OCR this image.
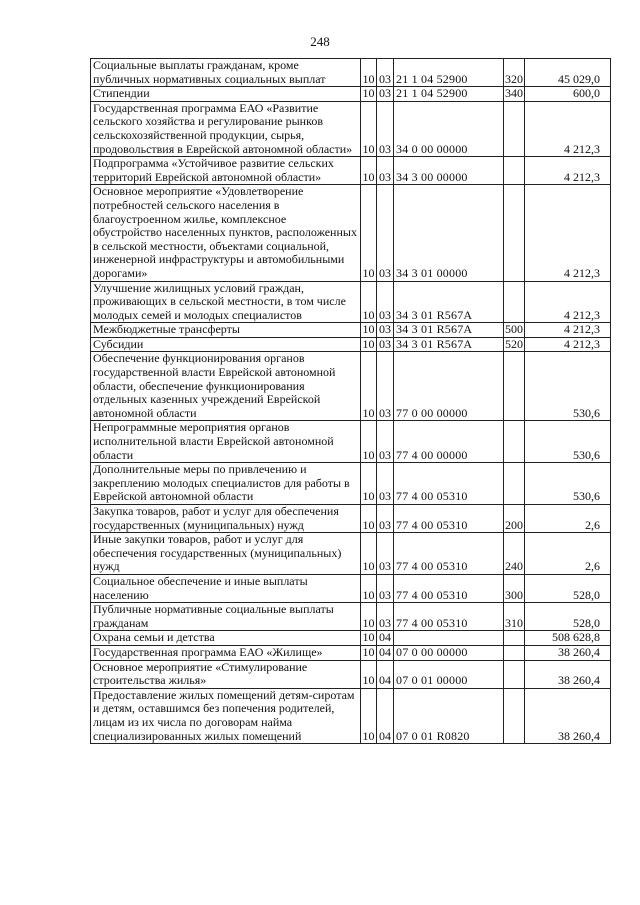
248
Социальные выплаты гражданам, кроме публичных нормативных социальных выплат	10	03	21 1 04 52900	320	45 029,0
Стипендии	10	03	21 1 04 52900	340	600,0
Государственная программа ЕАО «Развитие сельского хозяйства и регулирование рынков сельскохозяйственной продукции, сырья, продовольствия в Еврейской автономной области»	10	03	34 0 00 00000		4 212,3
Подпрограмма «Устойчивое развитие сельских территорий Еврейской автономной области»	10	03	34 3 00 00000		4 212,3
Основное мероприятие «Удовлетворение потребностей сельского населения в благоустроенном жилье, комплексное обустройство населенных пунктов, расположенных в сельской местности, объектами социальной, инженерной инфраструктуры и автомобильными дорогами»	10	03	34 3 01 00000		4 212,3
Улучшение жилищных условий граждан, проживающих в сельской местности, в том числе молодых семей и молодых специалистов	10	03	34 3 01 R567A		4 212,3
Межбюджетные трансферты	10	03	34 3 01 R567A	500	4 212,3
Субсидии	10	03	34 3 01 R567A	520	4 212,3
Обеспечение функционирования органов государственной власти Еврейской автономной области, обеспечение функционирования отдельных казенных учреждений Еврейской автономной области	10	03	77 0 00 00000		530,6
Непрограммные мероприятия органов исполнительной власти Еврейской автономной области	10	03	77 4 00 00000		530,6
Дополнительные меры по привлечению и закреплению молодых специалистов для работы в Еврейской автономной области	10	03	77 4 00 05310		530,6
Закупка товаров, работ и услуг для обеспечения государственных (муниципальных) нужд	10	03	77 4 00 05310	200	2,6
Иные закупки товаров, работ и услуг для обеспечения государственных (муниципальных) нужд	10	03	77 4 00 05310	240	2,6
Социальное обеспечение и иные выплаты населению	10	03	77 4 00 05310	300	528,0
Публичные нормативные социальные выплаты гражданам	10	03	77 4 00 05310	310	528,0
Охрана семьи и детства	10	04			508 628,8
Государственная программа ЕАО «Жилище»	10	04	07 0 00 00000		38 260,4
Основное мероприятие «Стимулирование строительства жилья»	10	04	07 0 01 00000		38 260,4
Предоставление жилых помещений детям-сиротам и детям, оставшимся без попечения родителей, лицам из их числа по договорам найма специализированных жилых помещений	10	04	07 0 01 R0820		38 260,4
